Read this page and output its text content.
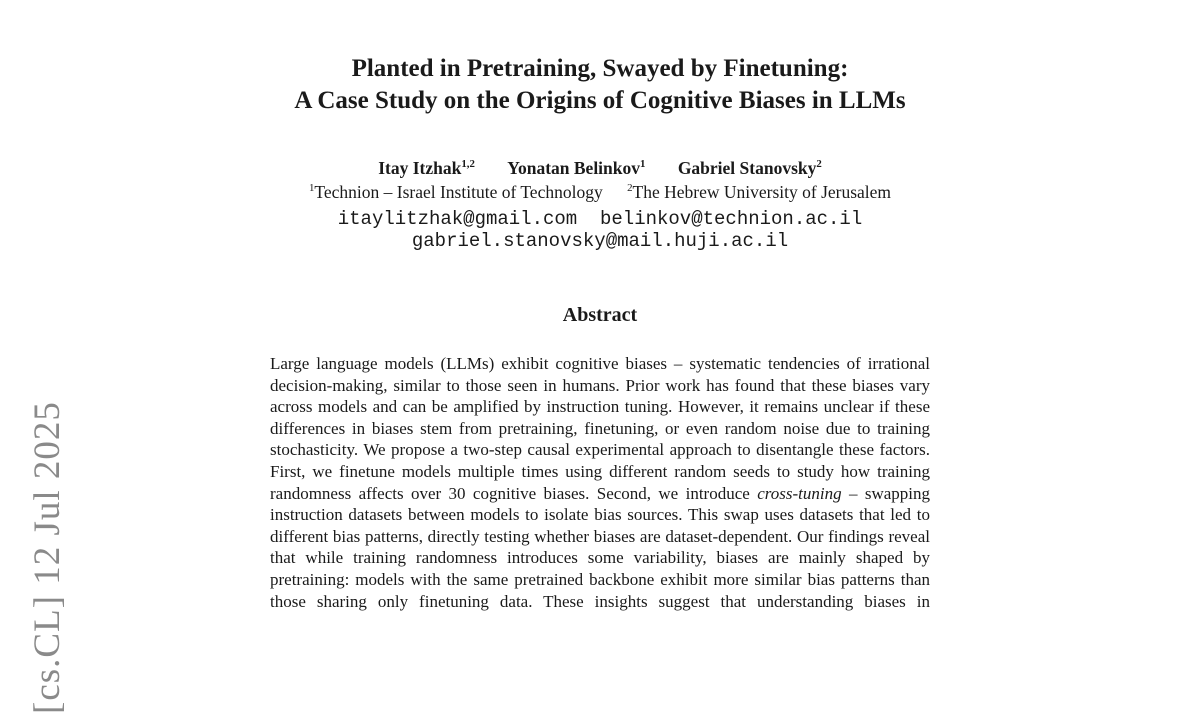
[cs.CL] 12 Jul 2025
Planted in Pretraining, Swayed by Finetuning:
A Case Study on the Origins of Cognitive Biases in LLMs
Itay Itzhak$^{1,2}$ Yonatan Belinkov$^1$ Gabriel Stanovsky$^2$
$^1$Technion – Israel Institute of Technology $^2$The Hebrew University of Jerusalem
itaylitzhak@gmail.com  belinkov@technion.ac.il
gabriel.stanovsky@mail.huji.ac.il
Abstract

Large language models (LLMs) exhibit cognitive biases – systematic tendencies of irrational decision-making, similar to those seen in humans. Prior work has found that these biases vary across models and can be amplified by instruction tuning. However, it remains unclear if these differences in biases stem from pretraining, finetuning, or even random noise due to training stochasticity. We propose a two-step causal experimental approach to disentangle these factors. First, we finetune models multiple times using different random seeds to study how training randomness affects over 30 cognitive biases. Second, we introduce cross-tuning – swapping instruction datasets between models to isolate bias sources. This swap uses datasets that led to different bias patterns, directly testing whether biases are dataset-dependent. Our findings reveal that while training randomness introduces some variability, biases are mainly shaped by pretraining: models with the same pretrained backbone exhibit more similar bias patterns than those sharing only finetuning data. These insights suggest that understanding biases in
